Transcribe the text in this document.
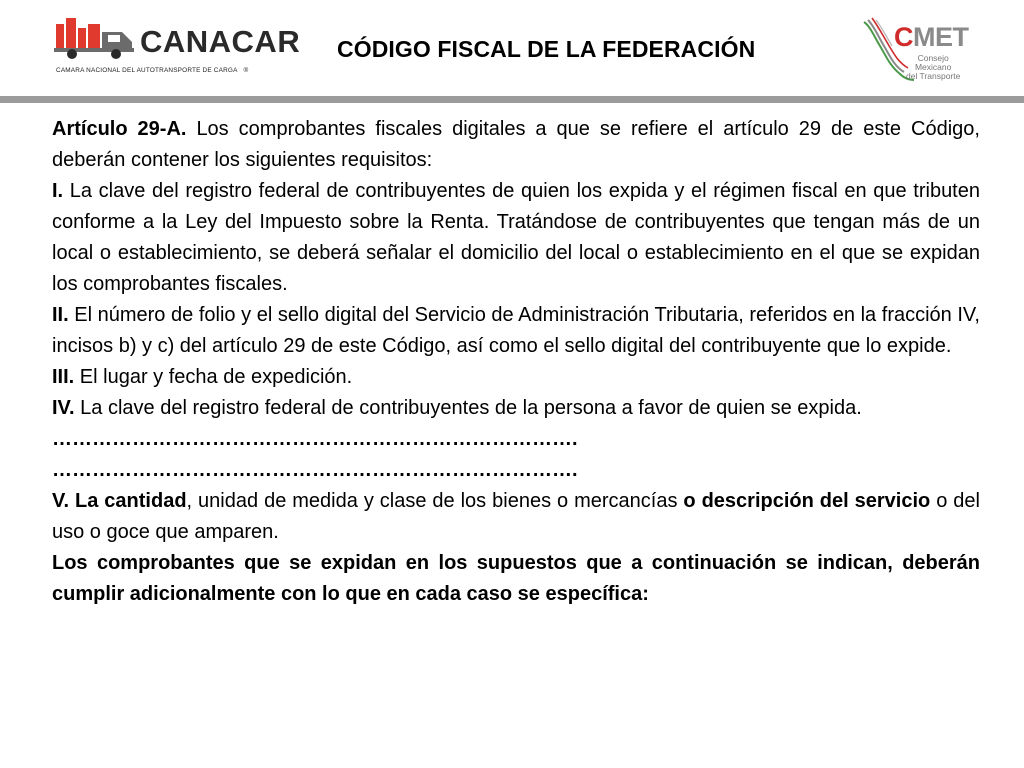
CANACAR
CAMARA NACIONAL DEL AUTOTRANSPORTE DE CARGA ®
CÓDIGO FISCAL DE LA FEDERACIÓN	CMET
Consejo
Mexicano
del Transporte

Artículo 29-A. Los comprobantes fiscales digitales a que se refiere el artículo 29 de este Código, deberán contener los siguientes requisitos:

I. La clave del registro federal de contribuyentes de quien los expida y el régimen fiscal en que tributen conforme a la Ley del Impuesto sobre la Renta. Tratándose de contribuyentes que tengan más de un local o establecimiento, se deberá señalar el domicilio del local o establecimiento en el que se expidan los comprobantes fiscales.

II. El número de folio y el sello digital del Servicio de Administración Tributaria, referidos en la fracción IV, incisos b) y c) del artículo 29 de este Código, así como el sello digital del contribuyente que lo expide.

III. El lugar y fecha de expedición.

IV. La clave del registro federal de contribuyentes de la persona a favor de quien se expida.

…………………………………………………………………….

…………………………………………………………………….

V. La cantidad, unidad de medida y clase de los bienes o mercancías o descripción del servicio o del uso o goce que amparen.

Los comprobantes que se expidan en los supuestos que a continuación se indican, deberán cumplir adicionalmente con lo que en cada caso se específica:
